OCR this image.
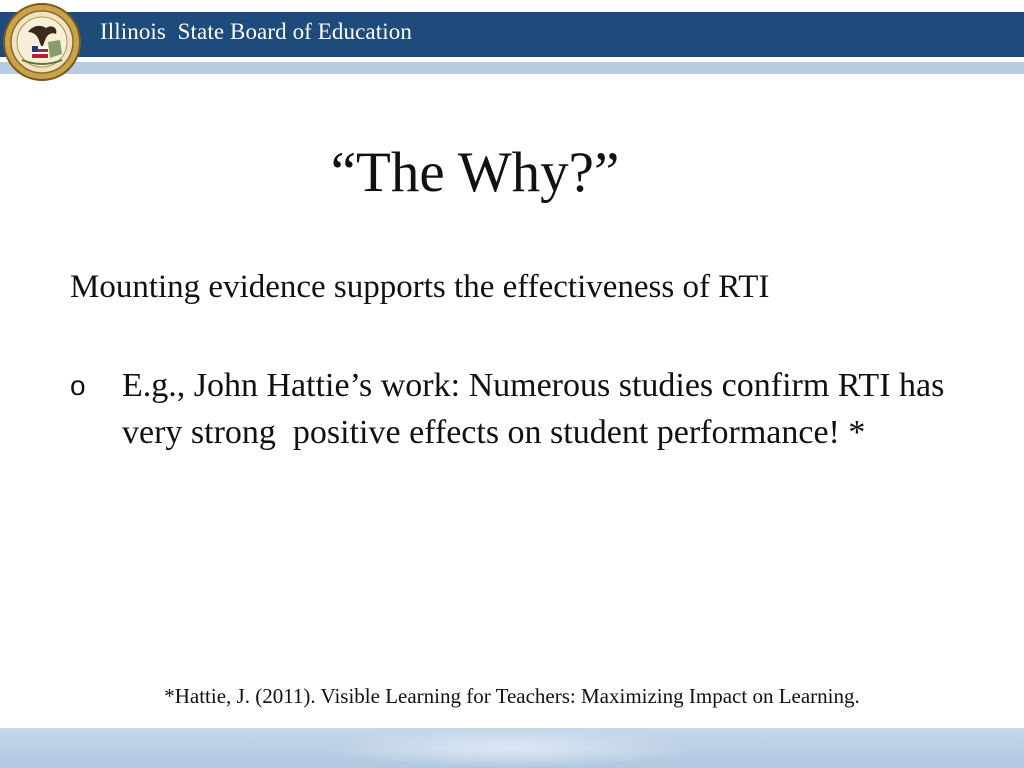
Illinois  State Board of Education
“The Why?”
Mounting evidence supports the effectiveness of RTI
o	E.g., John Hattie’s work: Numerous studies confirm RTI has very strong  positive effects on student performance! *
*Hattie, J. (2011). Visible Learning for Teachers: Maximizing Impact on Learning.
